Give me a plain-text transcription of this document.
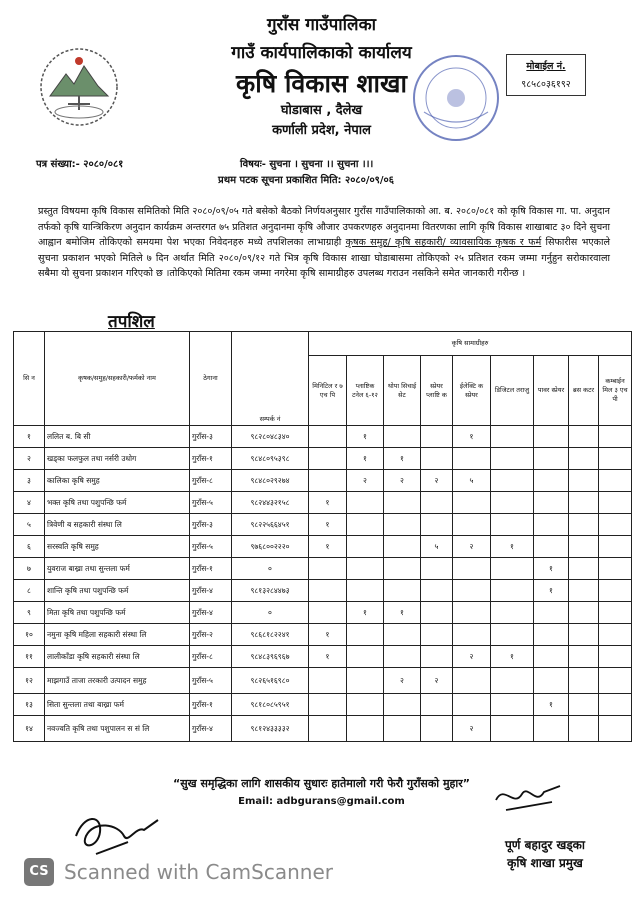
गुराँस गाउँपालिका
गाउँ कार्यपालिकाको कार्यालय
कृषि विकास शाखा
घोडाबास , दैलेख
कर्णाली प्रदेश, नेपाल
मोबाईल नं.
९८५८०३६१९२
पत्र संख्या:- २०८०/०८१	विषयः- सुचना । सुचना ।। सुचना ।।।
प्रथम पटक सूचना प्रकाशित मिति: २०८०/०९/०६
प्रस्तुत विषयमा कृषि विकास समितिको मिति २०८०/०९/०५ गते बसेको बैठको निर्णयअनुसार गुराँस गाउँपालिकाको आ. ब. २०८०/०८१ को कृषि विकास गा. पा. अनुदान तर्फको कृषि यान्त्रिकिरण अनुदान कार्यक्रम अन्तरगत ७५ प्रतिशत अनुदानमा कृषि औजार उपकरणहरु अनुदानमा वितरणका लागि कृषि विकास शाखाबाट ३० दिने सुचना आह्वान बमोजिम तोकिएको समयमा पेश भएका निवेदनहरु मध्ये तपशिलका लाभाग्राही कृषक समुह/ कृषि सहकारी/ व्यावसायिक कृषक र फर्म सिफारीस भएकाले सुचना प्रकाशन भएको मितिले ७ दिन अर्थात मिति २०८०/०९/१२ गते भित्र कृषि विकास शाखा घोडाबासमा तोकिएको २५ प्रतिशत रकम जम्मा गर्नुहुन सरोकारवाला सबैमा यो सुचना प्रकाशन गरिएको छ ।तोकिएको मितिमा रकम जम्मा नगरेमा कृषि सामाग्रीहरु उपलब्ध गराउन नसकिने समेत जानकारी गरीन्छ ।
तपशिल
सि न	कृषक/समुह/सहकारी/फर्मको नाम	ठेगाना	सम्पर्क नं	कृषि सामाग्रीहरु								
				मिनिटिल र ७ एच पि	प्लाष्टिक टनेल ६-१२	थोपा सिचाई सेट	स्प्रेयर प्लाष्टि क	ईलेक्टि क स्प्रेयर	डिजिटल तराजु	पावर स्प्रेयर	ब्रस कटर	कम्बाईन मिल ३ एच पी
१	ललित ब. बि सी	गुराँस-३	९८२८०४८३४०		१			१				
२	खड्का फलफुल तथा नर्सरी उधोग	गुराँस-१	९८४८०९५३९८		१	१						
३	कालिका कृषि समुह	गुराँस-८	९८४८०२९२७४		२	२	२	५				
४	भक्त कृषि तथा पशुपन्छि फर्म	गुराँस-५	९८२४४३२१५८	१								
५	त्रिवेणी ब सहकारी संस्था लि	गुराँस-३	९८२२५६६४५१	१								
६	सरस्वति कृषि समुह	गुराँस-५	९७६८००२२२०	१			५	२	१			
७	युवराज बाख्रा तथा सुन्तला फर्म	गुराँस-१	०							१		
८	शान्ति कृषि तथा पशुपन्छि फर्म	गुराँस-४	९८१३२८४४७३							१		
९	मिता कृषि तथा पशुपन्छि फर्म	गुराँस-४	०		१	१						
१०	नमुना कृषि महिला सहकारी संस्था लि	गुराँस-२	९८६८१८२२४१	१								
११	लालीकाँडा कृषि सहकारी संस्था लि	गुराँस-८	९८४८३९६९६७	१				२	१			
१२	माझगाउँ ताजा तरकारी उत्पादन समुह	गुराँस-५	९८२६५१६९८०			२	२					
१३	सिता सुन्तला तथा बाख्रा फर्म	गुराँस-१	९८१८०८५९५१							१		
१४	नवज्वति कृषि तथा पशुपालन स सं लि	गुराँस-४	९८१२४३३३३२					२				
“सुख समृद्धिका लागि शासकीय सुधारः हातेमालो गरी फेरौ गुराँसको मुहार”
Email: adbgurans@gmail.com
पूर्ण बहादुर खड्का
कृषि शाखा प्रमुख
CS Scanned with CamScanner
